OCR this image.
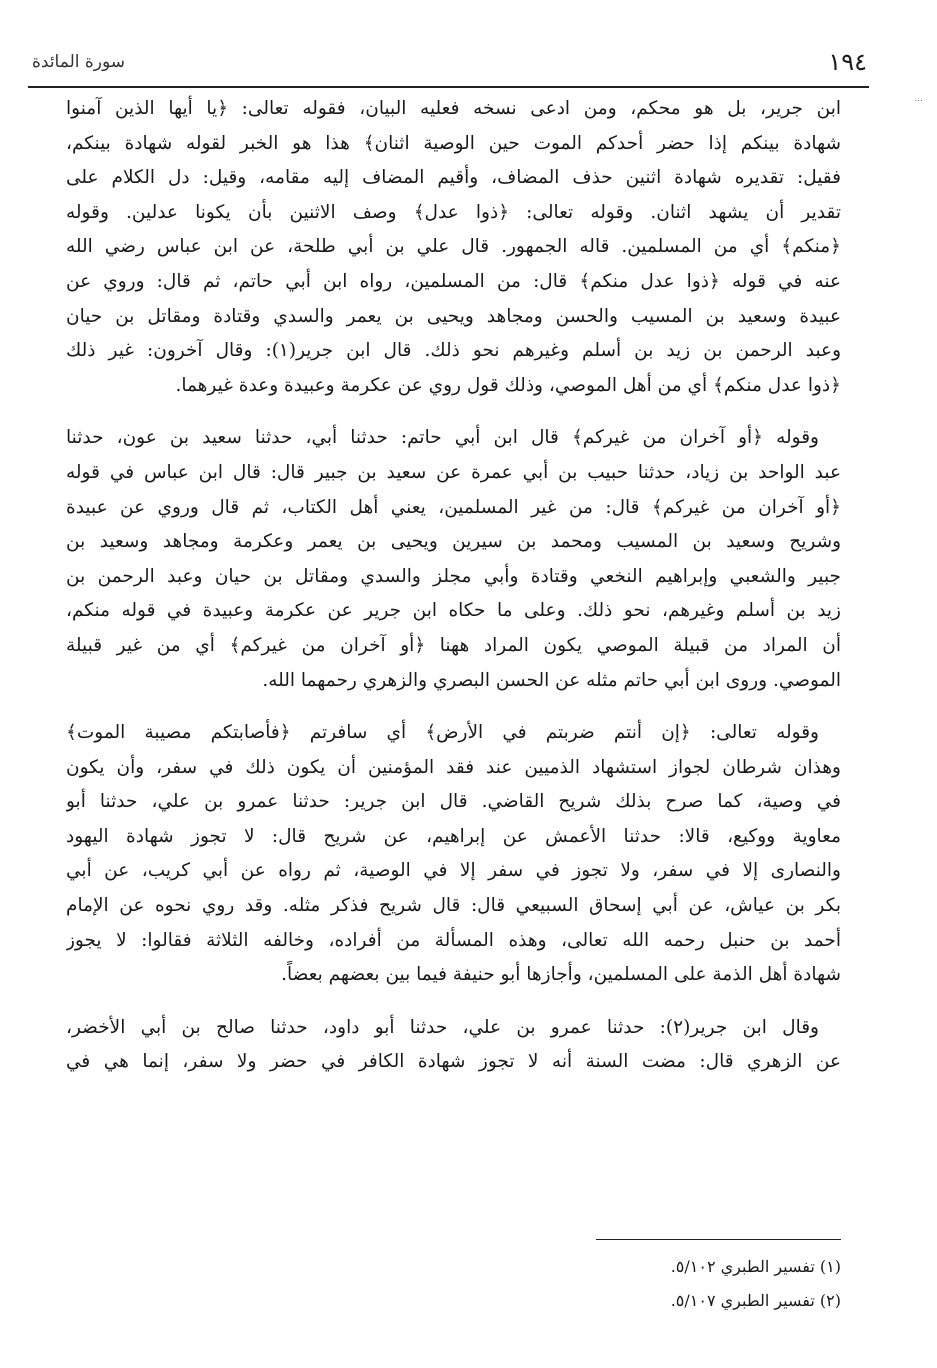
سورة المائدة	١٩٤
...
ابن جرير، بل هو محكم، ومن ادعى نسخه فعليه البيان، فقوله تعالى: ﴿يا أيها الذين آمنوا
شهادة بينكم إذا حضر أحدكم الموت حين الوصية اثنان﴾ هذا هو الخبر لقوله شهادة بينكم،
فقيل: تقديره شهادة اثنين حذف المضاف، وأقيم المضاف إليه مقامه، وقيل: دل الكلام على
تقدير أن يشهد اثنان. وقوله تعالى: ﴿ذوا عدل﴾ وصف الاثنين بأن يكونا عدلين. وقوله
﴿منكم﴾ أي من المسلمين. قاله الجمهور. قال علي بن أبي طلحة، عن ابن عباس رضي الله
عنه في قوله ﴿ذوا عدل منكم﴾ قال: من المسلمين، رواه ابن أبي حاتم، ثم قال: وروي عن
عبيدة وسعيد بن المسيب والحسن ومجاهد ويحيى بن يعمر والسدي وقتادة ومقاتل بن حيان
وعبد الرحمن بن زيد بن أسلم وغيرهم نحو ذلك. قال ابن جرير(١): وقال آخرون: غير ذلك
﴿ذوا عدل منكم﴾ أي من أهل الموصي، وذلك قول روي عن عكرمة وعبيدة وعدة غيرهما.
وقوله ﴿أو آخران من غيركم﴾ قال ابن أبي حاتم: حدثنا أبي، حدثنا سعيد بن عون، حدثنا
عبد الواحد بن زياد، حدثنا حبيب بن أبي عمرة عن سعيد بن جبير قال: قال ابن عباس في قوله
﴿أو آخران من غيركم﴾ قال: من غير المسلمين، يعني أهل الكتاب، ثم قال وروي عن عبيدة
وشريح وسعيد بن المسيب ومحمد بن سيرين ويحيى بن يعمر وعكرمة ومجاهد وسعيد بن
جبير والشعبي وإبراهيم النخعي وقتادة وأبي مجلز والسدي ومقاتل بن حيان وعبد الرحمن بن
زيد بن أسلم وغيرهم، نحو ذلك. وعلى ما حكاه ابن جرير عن عكرمة وعبيدة في قوله منكم،
أن المراد من قبيلة الموصي يكون المراد ههنا ﴿أو آخران من غيركم﴾ أي من غير قبيلة
الموصي. وروى ابن أبي حاتم مثله عن الحسن البصري والزهري رحمهما الله.
وقوله تعالى: ﴿إن أنتم ضربتم في الأرض﴾ أي سافرتم ﴿فأصابتكم مصيبة الموت﴾
وهذان شرطان لجواز استشهاد الذميين عند فقد المؤمنين أن يكون ذلك في سفر، وأن يكون
في وصية، كما صرح بذلك شريح القاضي. قال ابن جرير: حدثنا عمرو بن علي، حدثنا أبو
معاوية ووكيع، قالا: حدثنا الأعمش عن إبراهيم، عن شريح قال: لا تجوز شهادة اليهود
والنصارى إلا في سفر، ولا تجوز في سفر إلا في الوصية، ثم رواه عن أبي كريب، عن أبي
بكر بن عياش، عن أبي إسحاق السبيعي قال: قال شريح فذكر مثله. وقد روي نحوه عن الإمام
أحمد بن حنبل رحمه الله تعالى، وهذه المسألة من أفراده، وخالفه الثلاثة فقالوا: لا يجوز
شهادة أهل الذمة على المسلمين، وأجازها أبو حنيفة فيما بين بعضهم بعضاً.
وقال ابن جرير(٢): حدثنا عمرو بن علي، حدثنا أبو داود، حدثنا صالح بن أبي الأخضر،
عن الزهري قال: مضت السنة أنه لا تجوز شهادة الكافر في حضر ولا سفر، إنما هي في
(١) تفسير الطبري ٥/١٠٢.
(٢) تفسير الطبري ٥/١٠٧.
